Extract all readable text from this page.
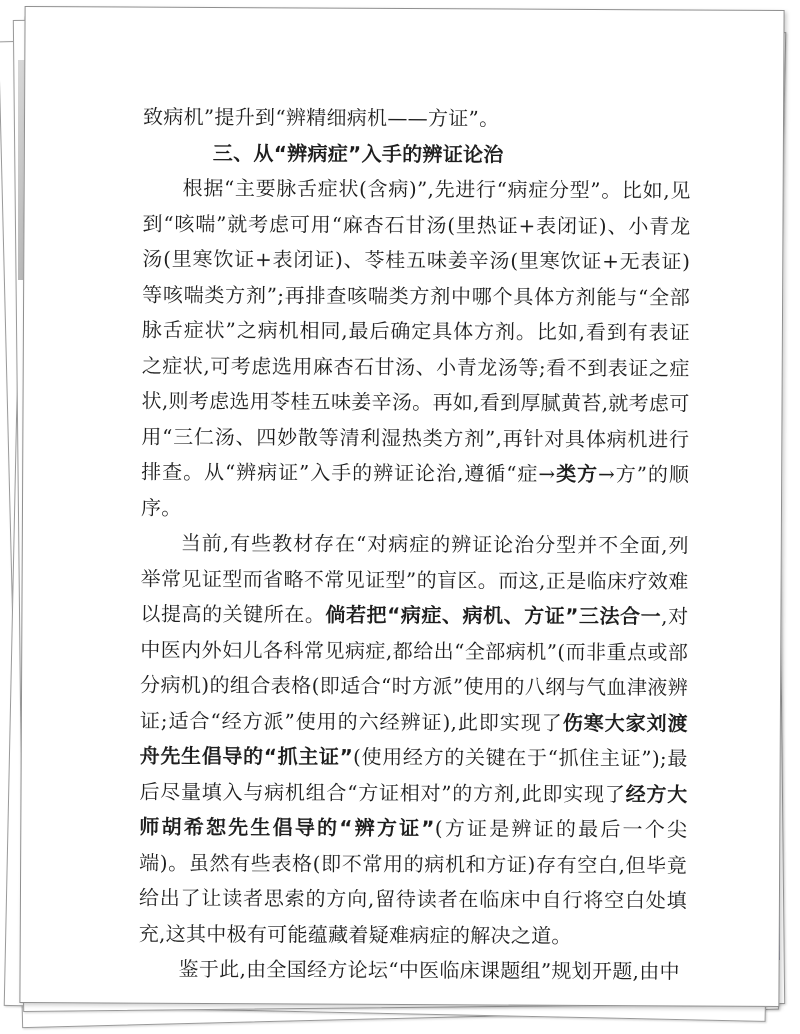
致病机”提升到“辨精细病机——方证”。

三、从“辨病症”入手的辨证论治

根据“主要脉舌症状(含病)”,先进行“病症分型”。比如,见到“咳喘”就考虑可用“麻杏石甘汤(里热证+表闭证)、小青龙汤(里寒饮证+表闭证)、苓桂五味姜辛汤(里寒饮证+无表证)等咳喘类方剂”;再排查咳喘类方剂中哪个具体方剂能与“全部脉舌症状”之病机相同,最后确定具体方剂。比如,看到有表证之症状,可考虑选用麻杏石甘汤、小青龙汤等;看不到表证之症状,则考虑选用苓桂五味姜辛汤。再如,看到厚腻黄苔,就考虑可用“三仁汤、四妙散等清利湿热类方剂”,再针对具体病机进行排查。从“辨病证”入手的辨证论治,遵循“症→类方→方”的顺序。

当前,有些教材存在“对病症的辨证论治分型并不全面,列举常见证型而省略不常见证型”的盲区。而这,正是临床疗效难以提高的关键所在。倘若把“病症、病机、方证”三法合一,对中医内外妇儿各科常见病症,都给出“全部病机”(而非重点或部分病机)的组合表格(即适合“时方派”使用的八纲与气血津液辨证;适合“经方派”使用的六经辨证),此即实现了伤寒大家刘渡舟先生倡导的“抓主证”(使用经方的关键在于“抓住主证”);最后尽量填入与病机组合“方证相对”的方剂,此即实现了经方大师胡希恕先生倡导的“辨方证”(方证是辨证的最后一个尖端)。虽然有些表格(即不常用的病机和方证)存有空白,但毕竟给出了让读者思索的方向,留待读者在临床中自行将空白处填充,这其中极有可能蕴藏着疑难病症的解决之道。

鉴于此,由全国经方论坛“中医临床课题组”规划开题,由中
